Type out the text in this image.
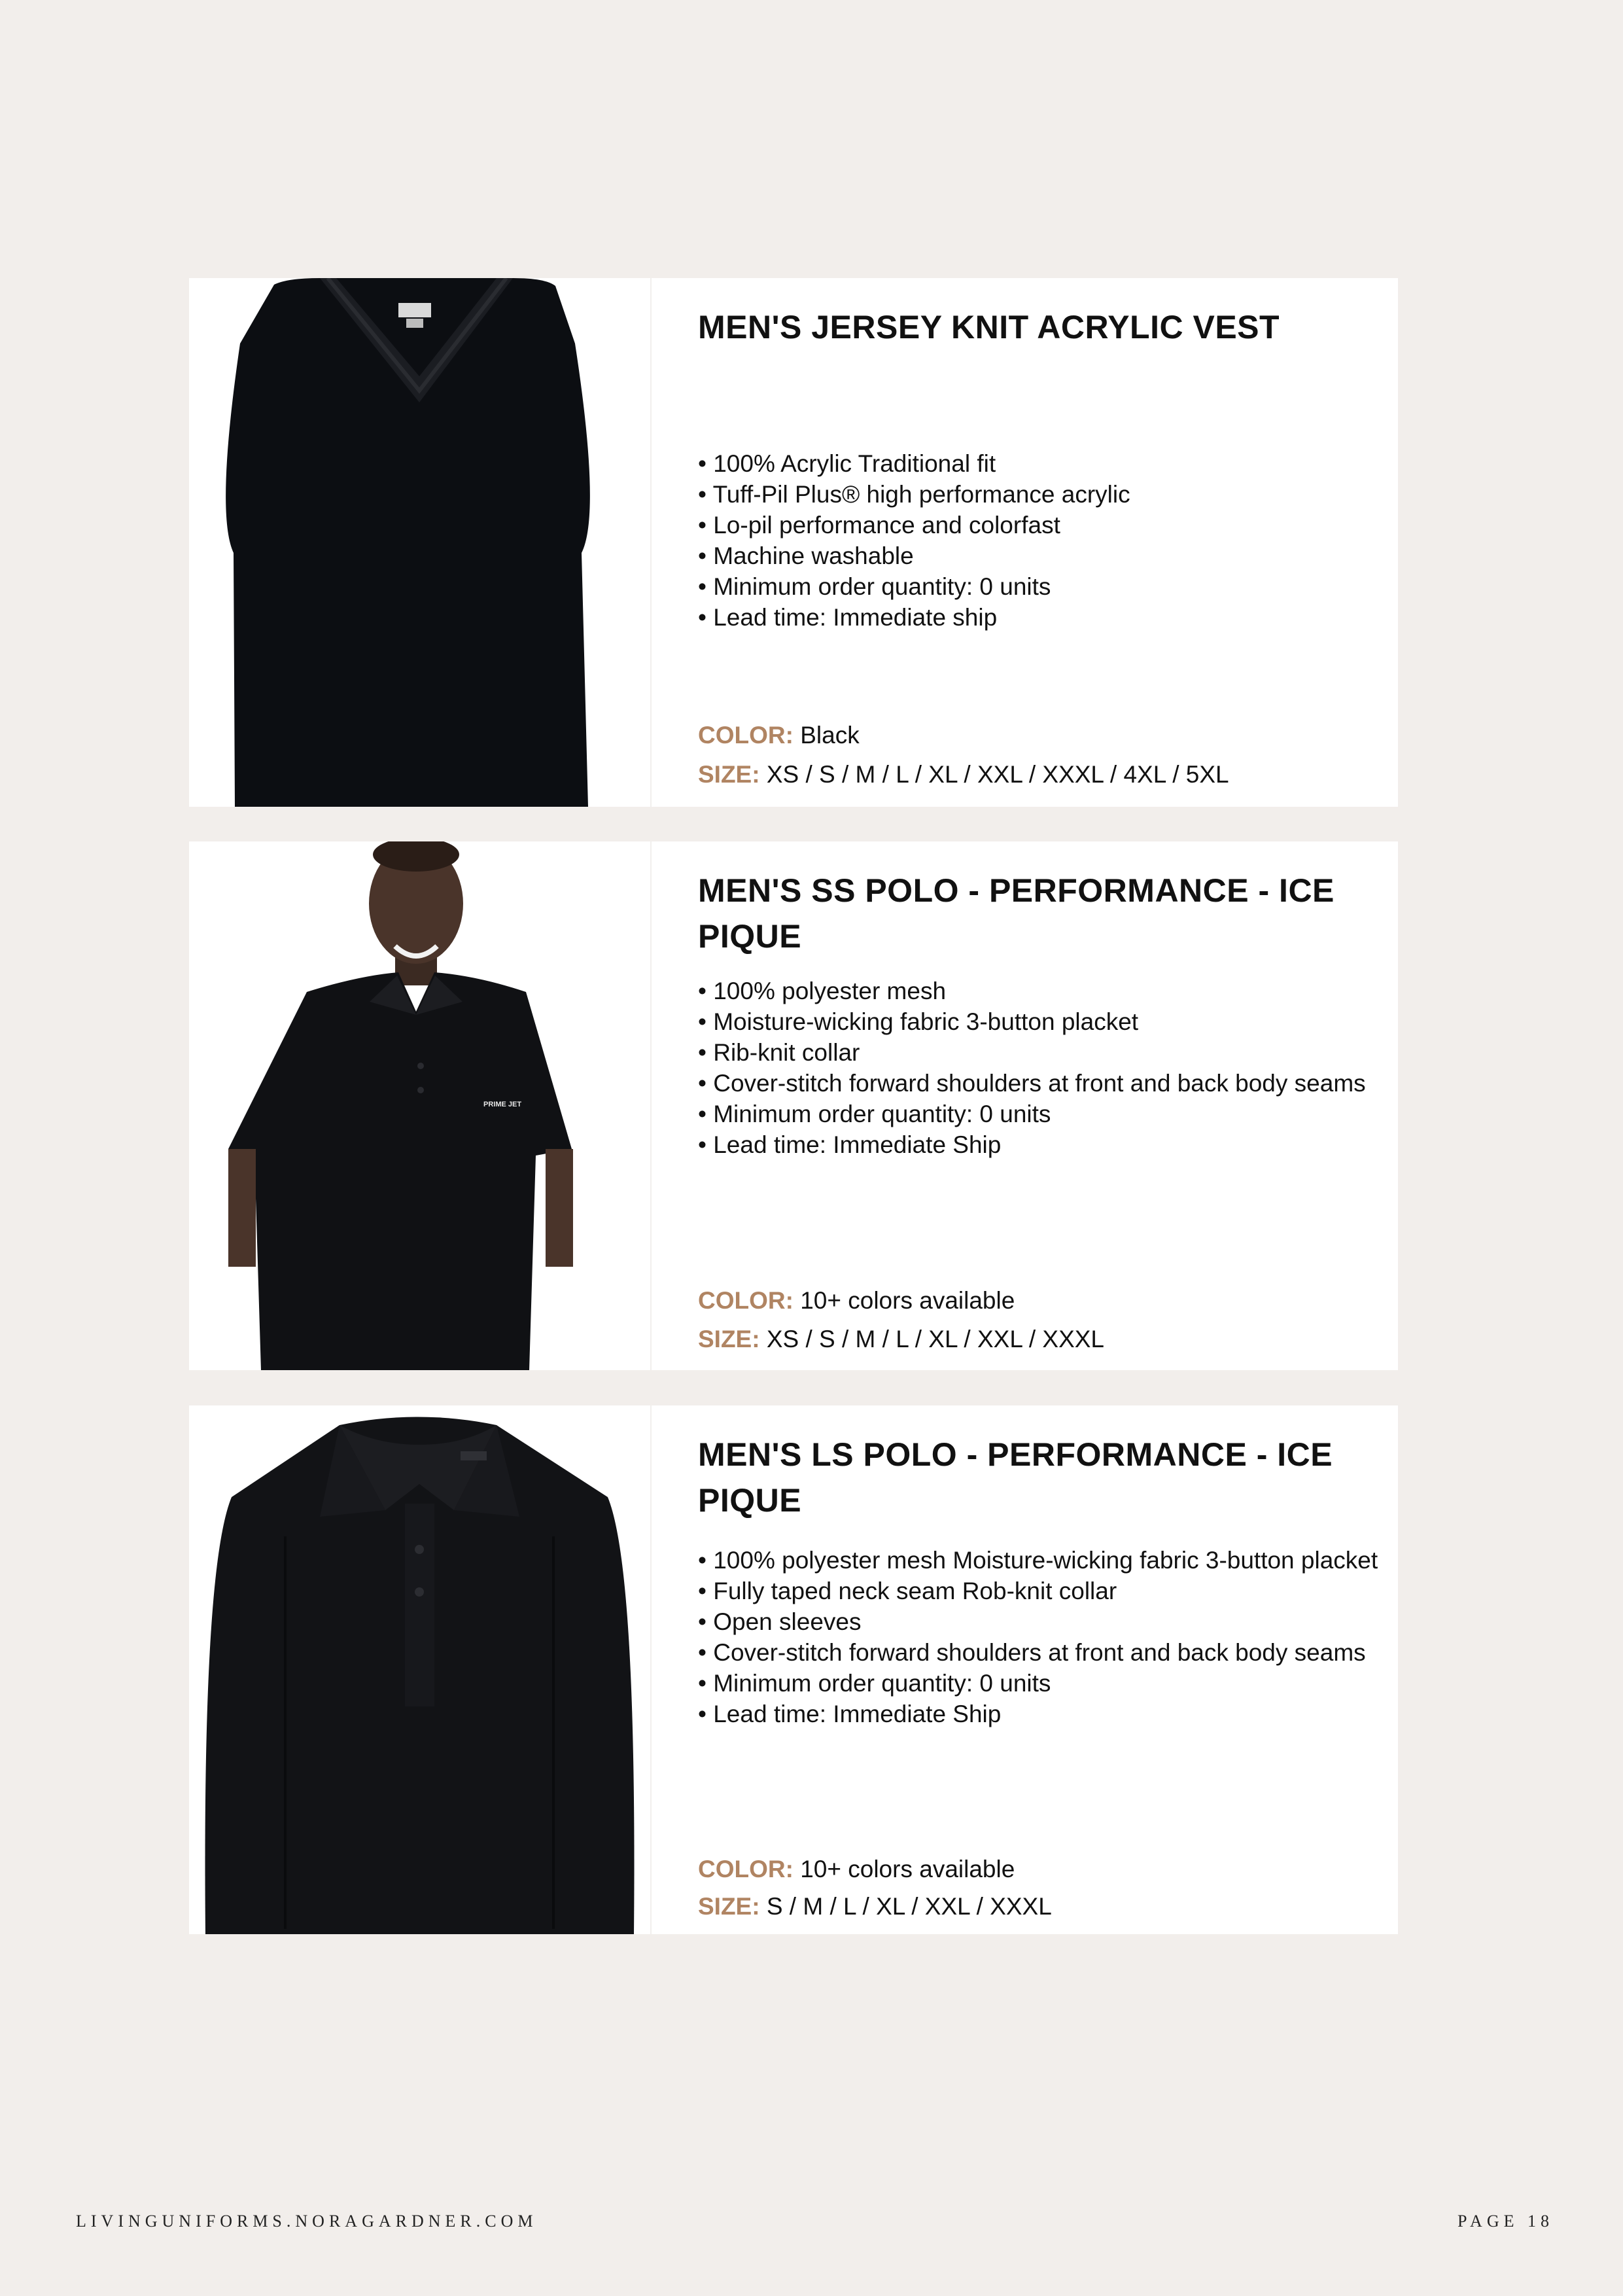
MEN'S JERSEY KNIT ACRYLIC VEST
• 100% Acrylic Traditional fit
• Tuff-Pil Plus® high performance acrylic
• Lo-pil performance and colorfast
• Machine washable
• Minimum order quantity: 0 units
• Lead time: Immediate ship
COLOR: Black
SIZE: XS / S / M / L / XL / XXL / XXXL / 4XL / 5XL
PRIME JET
MEN'S SS POLO - PERFORMANCE - ICE PIQUE
• 100% polyester mesh
• Moisture-wicking fabric 3-button placket
• Rib-knit collar
• Cover-stitch forward shoulders at front and back body seams
• Minimum order quantity: 0 units
• Lead time: Immediate Ship
COLOR: 10+ colors available
SIZE: XS / S / M / L / XL / XXL / XXXL
MEN'S LS POLO - PERFORMANCE - ICE PIQUE
• 100% polyester mesh Moisture-wicking fabric 3-button placket
• Fully taped neck seam Rob-knit collar
• Open sleeves
• Cover-stitch forward shoulders at front and back body seams
• Minimum order quantity: 0 units
• Lead time: Immediate Ship
COLOR: 10+ colors available
SIZE: S / M / L / XL / XXL / XXXL
LIVINGUNIFORMS.NORAGARDNER.COM	PAGE 18
